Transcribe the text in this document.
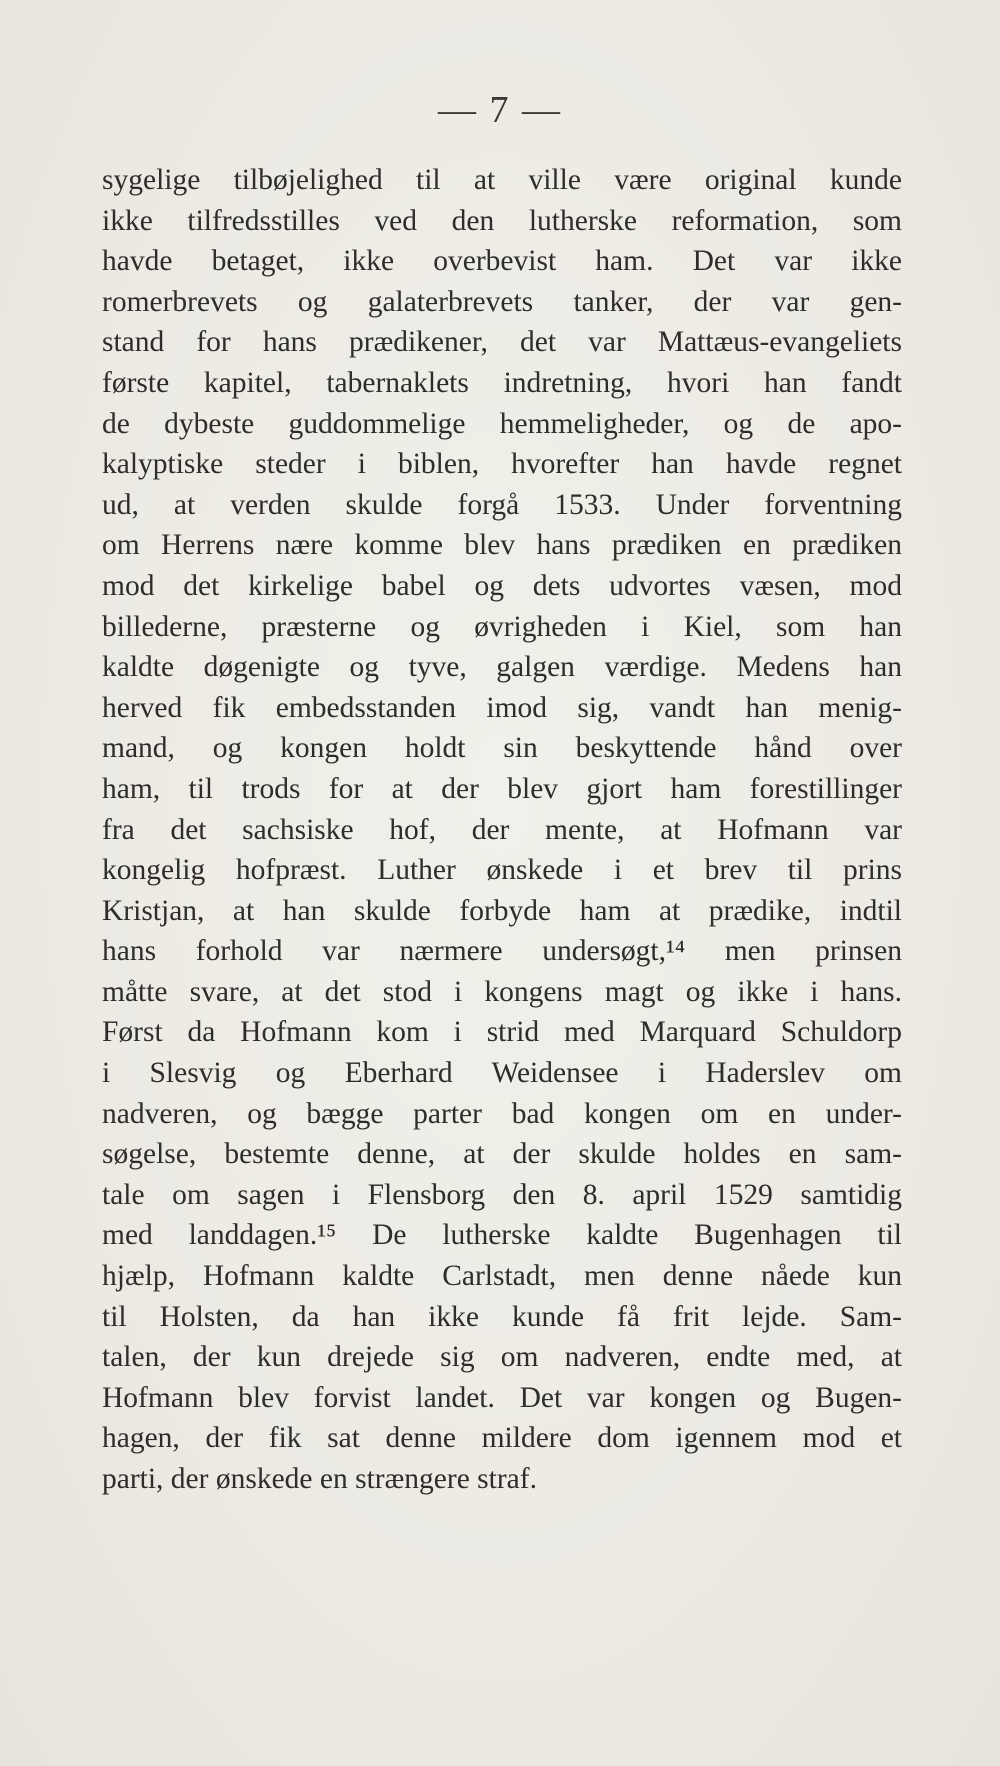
— 7 —
sygelige tilbøjelighed til at ville være original kunde
ikke tilfredsstilles ved den lutherske reformation, som
havde betaget, ikke overbevist ham. Det var ikke
romerbrevets og galaterbrevets tanker, der var gen-
stand for hans prædikener, det var Mattæus-evangeliets
første kapitel, tabernaklets indretning, hvori han fandt
de dybeste guddommelige hemmeligheder, og de apo-
kalyptiske steder i biblen, hvorefter han havde regnet
ud, at verden skulde forgå 1533. Under forventning
om Herrens nære komme blev hans prædiken en prædiken
mod det kirkelige babel og dets udvortes væsen, mod
billederne, præsterne og øvrigheden i Kiel, som han
kaldte døgenigte og tyve, galgen værdige. Medens han
herved fik embedsstanden imod sig, vandt han menig-
mand, og kongen holdt sin beskyttende hånd over
ham, til trods for at der blev gjort ham forestillinger
fra det sachsiske hof, der mente, at Hofmann var
kongelig hofpræst. Luther ønskede i et brev til prins
Kristjan, at han skulde forbyde ham at prædike, indtil
hans forhold var nærmere undersøgt,¹⁴ men prinsen
måtte svare, at det stod i kongens magt og ikke i hans.
Først da Hofmann kom i strid med Marquard Schuldorp
i Slesvig og Eberhard Weidensee i Haderslev om
nadveren, og bægge parter bad kongen om en under-
søgelse, bestemte denne, at der skulde holdes en sam-
tale om sagen i Flensborg den 8. april 1529 samtidig
med landdagen.¹⁵ De lutherske kaldte Bugenhagen til
hjælp, Hofmann kaldte Carlstadt, men denne nåede kun
til Holsten, da han ikke kunde få frit lejde. Sam-
talen, der kun drejede sig om nadveren, endte med, at
Hofmann blev forvist landet. Det var kongen og Bugen-
hagen, der fik sat denne mildere dom igennem mod et
parti, der ønskede en strængere straf.
